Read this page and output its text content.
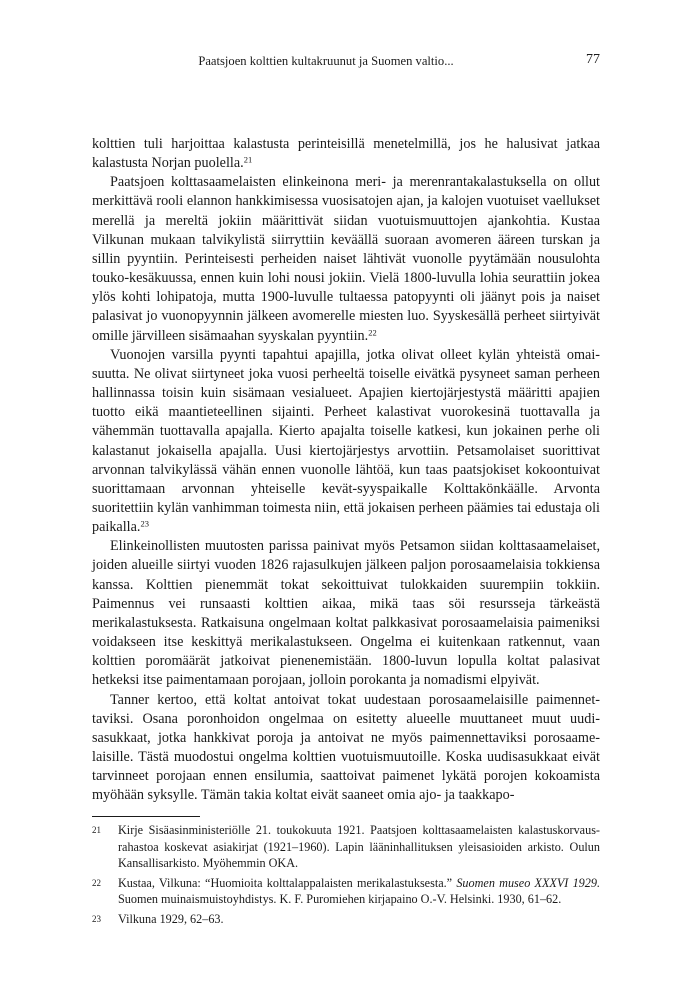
Paatsjoen kolttien kultakruunut ja Suomen valtio...	77

kolttien tuli harjoittaa kalastusta perinteisillä menetelmillä, jos he halusivat jatkaa kalastusta Norjan puolella.$^{21}$

Paatsjoen kolttasaamelaisten elinkeinona meri- ja merenrantakalastuksella on ollut merkittävä rooli elannon hankkimisessa vuosisatojen ajan, ja kalojen vuotuiset vaellukset merellä ja mereltä jokiin määrittivät siidan vuotuismuuttojen ajankohtia. Kustaa Vilkunan mukaan talvikylistä siirryttiin keväällä suoraan avomeren ääreen turskan ja sillin pyyntiin. Perinteisesti perheiden naiset lähtivät vuonolle pyytämään nousulohta touko-kesäkuussa, ennen kuin lohi nousi jokiin. Vielä 1800-luvulla lohia seurattiin jokea ylös kohti lohipatoja, mutta 1900-luvulle tultaessa patopyynti oli jäänyt pois ja naiset palasivat jo vuonopyynnin jälkeen avomerelle miesten luo. Syyskesällä perheet siirtyivät omille järvilleen sisämaahan syyskalan pyyntiin.$^{22}$

Vuonojen varsilla pyynti tapahtui apajilla, jotka olivat olleet kylän yhteistä omaisuutta. Ne olivat siirtyneet joka vuosi perheeltä toiselle eivätkä pysyneet saman perheen hallinnassa toisin kuin sisämaan vesialueet. Apajien kiertojärjestystä määritti apajien tuotto eikä maantieteellinen sijainti. Perheet kalastivat vuorokesinä tuottavalla ja vähemmän tuottavalla apajalla. Kierto apajalta toiselle katkesi, kun jokainen perhe oli kalastanut jokaisella apajalla. Uusi kiertojärjestys arvottiin. Petsamolaiset suorittivat arvonnan talvikylässä vähän ennen vuonolle lähtöä, kun taas paatsjokiset kokoontuivat suorittamaan arvonnan yhteiselle kevät-syyspaikalle Kolttakönkäälle. Arvonta suoritettiin kylän vanhimman toimesta niin, että jokaisen perheen päämies tai edustaja oli paikalla.$^{23}$

Elinkeinollisten muutosten parissa painivat myös Petsamon siidan kolttasaamelaiset, joiden alueille siirtyi vuoden 1826 rajasulkujen jälkeen paljon porosaamelaisia tokkiensa kanssa. Kolttien pienemmät tokat sekoittuivat tulokkaiden suurempiin tokkiin. Paimennus vei runsaasti kolttien aikaa, mikä taas söi resursseja tärkeästä merikalastuksesta. Ratkaisuna ongelmaan koltat palkkasivat porosaamelaisia paimeniksi voidakseen itse keskittyä merikalastukseen. Ongelma ei kuitenkaan ratkennut, vaan kolttien poromäärät jatkoivat pienenemistään. 1800-luvun lopulla koltat palasivat hetkeksi itse paimentamaan porojaan, jolloin porokanta ja nomadismi elpyivät.

Tanner kertoo, että koltat antoivat tokat uudestaan porosaamelaisille paimennettaviksi. Osana poronhoidon ongelmaa on esitetty alueelle muuttaneet muut uudisasukkaat, jotka hankkivat poroja ja antoivat ne myös paimennettaviksi porosaamelaisille. Tästä muodostui ongelma kolttien vuotuismuutoille. Koska uudisasukkaat eivät tarvinneet porojaan ennen ensilumia, saattoivat paimenet lykätä porojen kokoamista myöhään syksylle. Tämän takia koltat eivät saaneet omia ajo- ja taakkapo-

21 Kirje Sisäasinministeriölle 21. toukokuuta 1921. Paatsjoen kolttasaamelaisten kalastuskorvaus-rahastoa koskevat asiakirjat (1921–1960). Lapin lääninhallituksen yleisasioiden arkisto. Oulun Kansallisarkisto. Myöhemmin OKA.
22 Kustaa, Vilkuna: “Huomioita kolttalappalaisten merikalastuksesta.” Suomen museo XXXVI 1929. Suomen muinaismuistoyhdistys. K. F. Puromiehen kirjapaino O.-V. Helsinki. 1930, 61–62.
23 Vilkuna 1929, 62–63.
